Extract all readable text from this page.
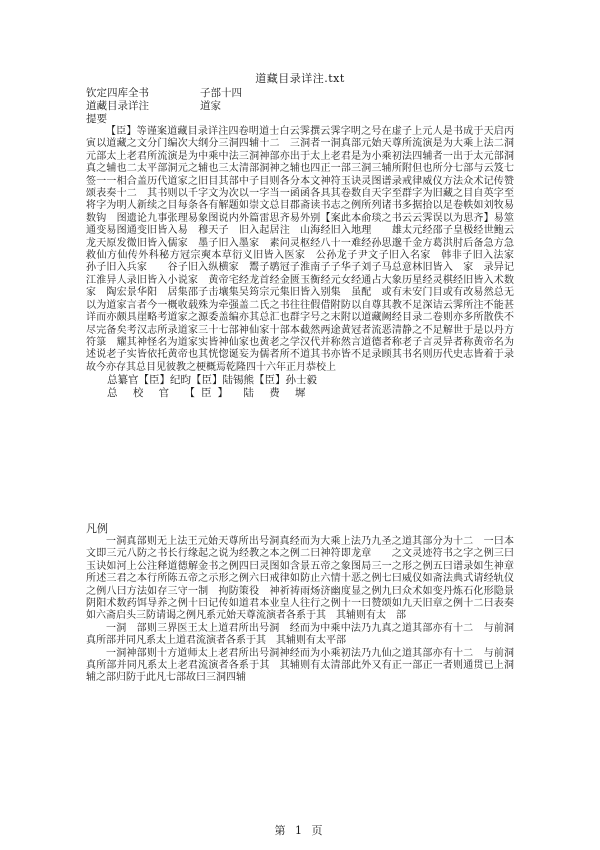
道藏目录详注.txt
钦定四库全书	子部十四
道藏目录详注	道家
提要

【臣】等谨案道藏目录详注四卷明道士白云霁撰云霁字明之号在虚子上元人是书成于天启丙寅以道藏之文分门编次大纲分三洞四辅十二　三洞者一洞真部元始天尊所流演是为大乘上法二洞元部太上老君所流演是为中乘中法三洞神部亦出于太上老君是为小乘初法四辅者一出于太元部洞真之辅也二太平部洞元之辅也三太清部洞神之辅也四正一部三洞三辅所附但也所分七部与云笈七签一一相合盖历代道家之旧目其部中子目则各分本文神符玉诀灵图谱录戒律威仪方法众术记传赞颂表奏十二　其书则以千字文为次以一字当一函函各具其卷数自天字至群字为旧藏之目自英字至将字为明人新续之目每条各有解题如崇文总目郡斋读书志之例所列诸书多据拾以足卷帙如刘牧易数钩　图遗论九事张理易象图说内外篇雷思齐易外别【案此本俞琰之书云云霁误以为思齐】易筮通变易图通变旧皆入易　穆天子　旧入起居注　山海经旧入地理　　雄太元经邵子皇极经世鲍云龙天原发微旧皆入儒家　墨子旧入墨家　素问灵枢经八十一难经孙思邈千金方葛洪肘后备急方急救仙方仙传外科秘方冠宗奭本草衍义旧皆入医家　公孙龙子尹文子旧入名家　韩非子旧入法家　孙子旧入兵家　　谷子旧入纵横家　鬻子鹖冠子淮南子子华子刘子马总意林旧皆入　家　录异记江淮异人录旧皆入小说家　黄帝宅经龙首经金匮玉衡经元女经通占大象历星经灵棋经旧皆入术数家　陶宏景华阳　居集邵子击壤集吴筠宗元集旧皆入别集　虽配　或有未安门目或有改易然总无以为道家言者今一概收载殊为牵强盖二氏之书往往假借附防以自尊其教不足深诘云霁所注不能甚详而亦颇具崖略考道家之源委盖编亦其总汇也群字号之末附以道藏阙经目录二卷则亦多所散佚不尽完备矣考汉志所录道家三十七部神仙家十部本截然两途黄冠者流恶清静之不足解世于是以丹方符箓　耀其神怪名为道家实皆神仙家也黄老之学汉代并称然言道德者称老子言灵异者称黄帝名为述说老子实皆依托黄帝也其恍惚诞妄为儒者所不道其书亦皆不足录顾其书名则历代史志皆着于录故今亦存其总目见彼教之梗概焉乾隆四十六年正月恭校上

总纂官【臣】纪昀【臣】陆锡熊【臣】孙士毅

总 校 官 【臣】 陆 费 墀

凡例

一洞真部则无上法王元始天尊所出号洞真经而为大乘上法乃九圣之道其部分为十二　一曰本文即三元八防之书长行缘起之说为经教之本之例二曰神符即龙章　　之文灵迹符书之字之例三曰玉诀如河上公注释道德解金书之例四曰灵图如含景五帝之象图局三一之形之例五曰谱录如生神章所述三君之本行所陈五帝之示形之例六曰戒律如防止六情十恶之例七曰威仪如斋法典式请经轨仪之例八曰方法如存三守一制　拘防策役　神祈祷雨炀济幽度显之例九曰众术如变丹炼石化形隐景阴阳术数药饵导养之例十曰记传如道君本业皇人往行之例十一曰赞颂如九天旧章之例十二曰表奏如六斋启头三防请谒之例凡系元始天尊流演者各系于其　其辅则有太　部

一洞　部则三界医王太上道君所出号洞　经而为中乘中法乃九真之道其部亦有十二　与前洞真所部并同凡系太上道君流演者各系于其　其辅则有太平部

一洞神部则十方道师太上老君所出号洞神经而为小乘初法乃九仙之道其部亦有十二　与前洞真所部并同凡系太上老君流演者各系于其　其辅则有太清部此外又有正一部正一者则通贯已上洞辅之部归防于此凡七部故曰三洞四辅

第 1 页
